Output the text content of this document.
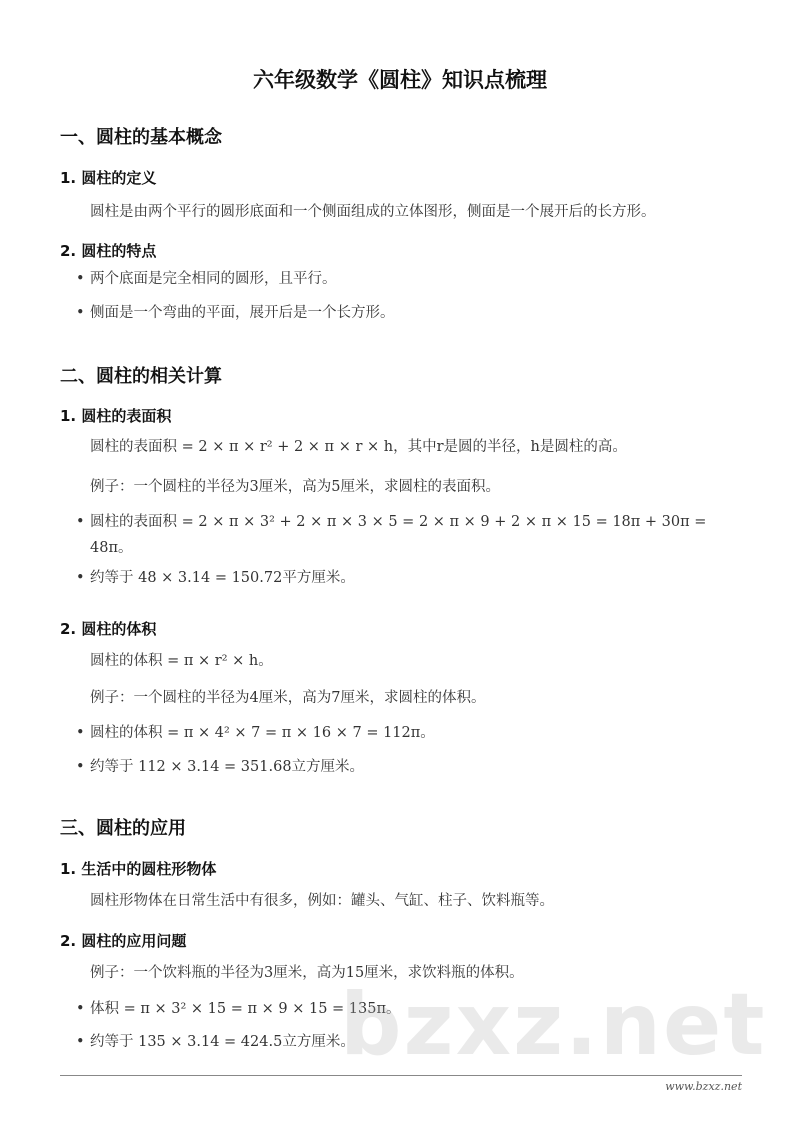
六年级数学《圆柱》知识点梳理
一、圆柱的基本概念
1. 圆柱的定义
圆柱是由两个平行的圆形底面和一个侧面组成的立体图形，侧面是一个展开后的长方形。
2. 圆柱的特点
• 两个底面是完全相同的圆形，且平行。
• 侧面是一个弯曲的平面，展开后是一个长方形。
二、圆柱的相关计算
1. 圆柱的表面积
圆柱的表面积 = 2 × π × r² + 2 × π × r × h，其中r是圆的半径，h是圆柱的高。
例子：一个圆柱的半径为3厘米，高为5厘米，求圆柱的表面积。
• 圆柱的表面积 = 2 × π × 3² + 2 × π × 3 × 5 = 2 × π × 9 + 2 × π × 15 = 18π + 30π = 48π。
• 约等于 48 × 3.14 = 150.72平方厘米。
2. 圆柱的体积
圆柱的体积 = π × r² × h。
例子：一个圆柱的半径为4厘米，高为7厘米，求圆柱的体积。
• 圆柱的体积 = π × 4² × 7 = π × 16 × 7 = 112π。
• 约等于 112 × 3.14 = 351.68立方厘米。
三、圆柱的应用
1. 生活中的圆柱形物体
圆柱形物体在日常生活中有很多，例如：罐头、气缸、柱子、饮料瓶等。
2. 圆柱的应用问题
例子：一个饮料瓶的半径为3厘米，高为15厘米，求饮料瓶的体积。
• 体积 = π × 3² × 15 = π × 9 × 15 = 135π。
• 约等于 135 × 3.14 = 424.5立方厘米。
bzxz.net
www.bzxz.net
